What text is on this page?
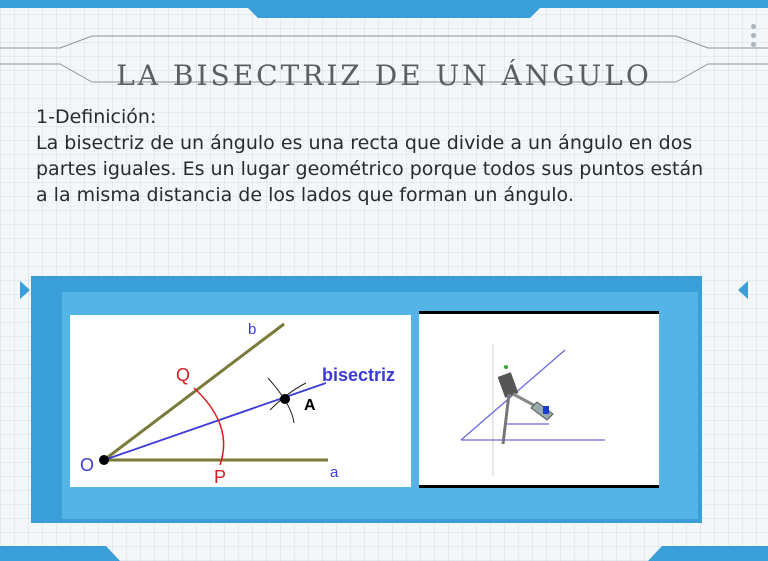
LA BISECTRIZ DE UN ÁNGULO
1-Definición:
La bisectriz de un ángulo es una recta que divide a un ángulo en dos partes iguales. Es un lugar geométrico porque todos sus puntos están a la misma distancia de los lados que forman un ángulo.
b
Q	bisectriz
A
O
P	a
